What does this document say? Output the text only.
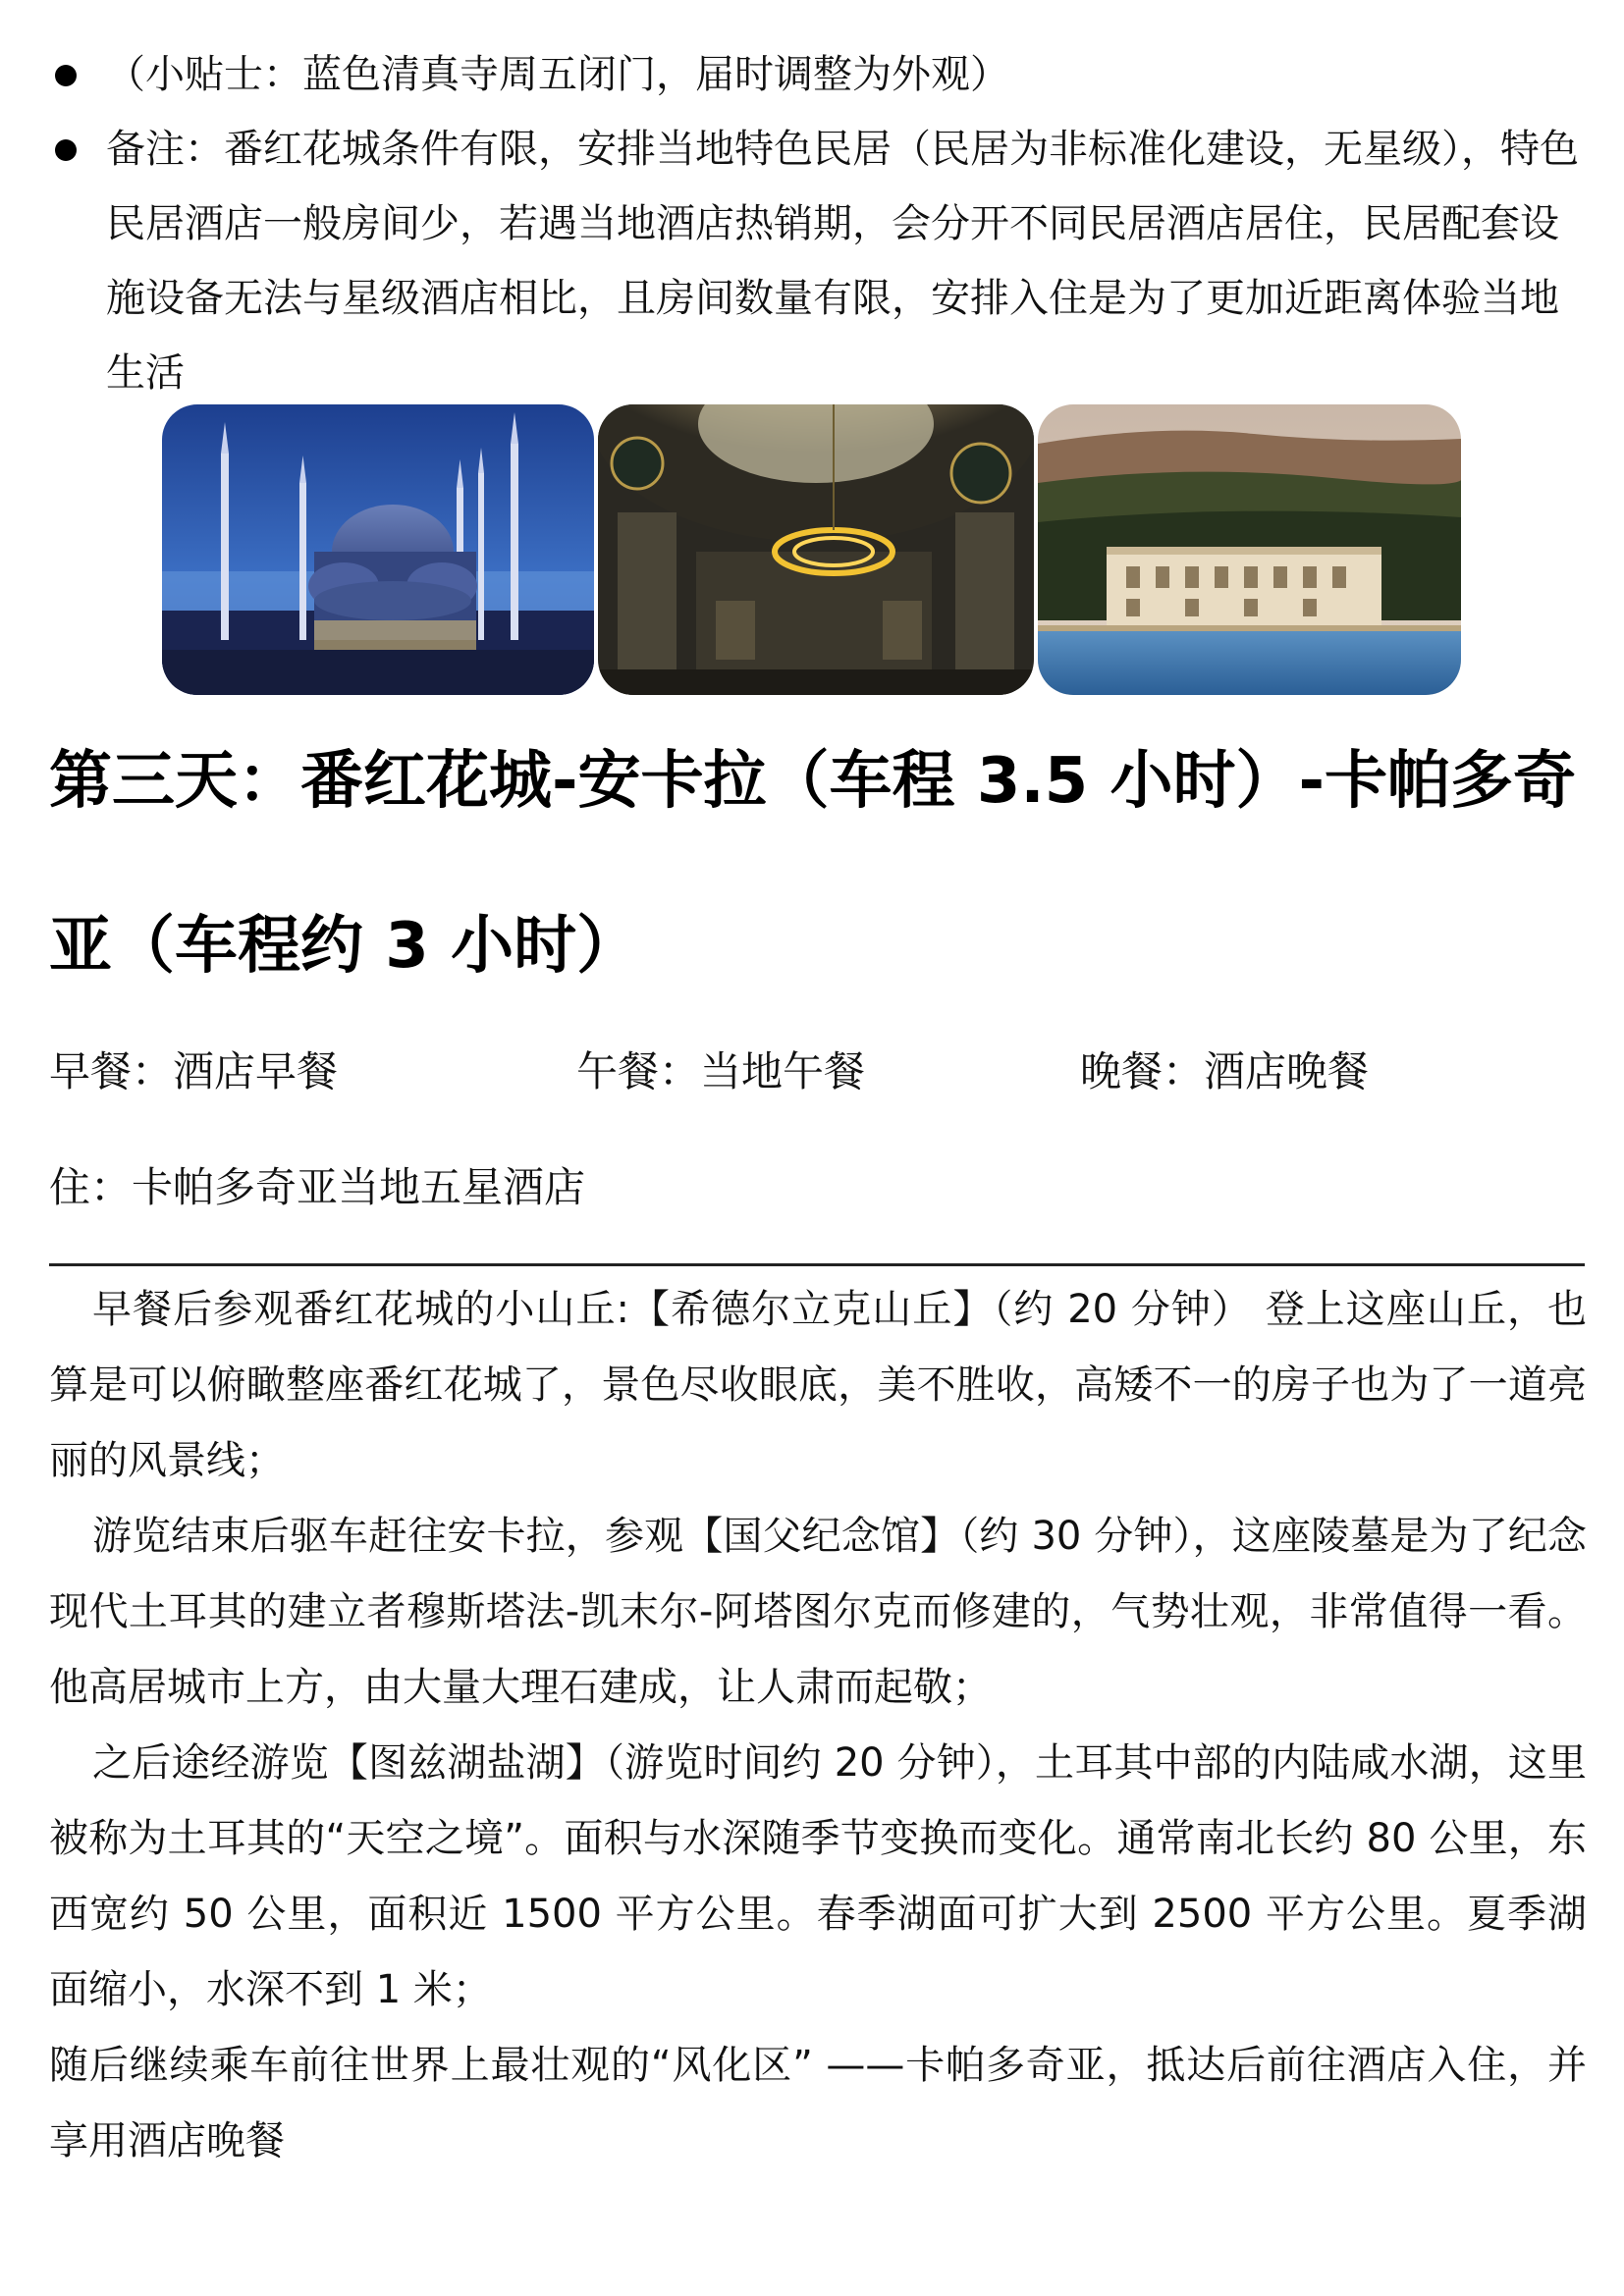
（小贴士：蓝色清真寺周五闭门，届时调整为外观）
备注：番红花城条件有限，安排当地特色民居（民居为非标准化建设，无星级），特色民居酒店一般房间少，若遇当地酒店热销期，会分开不同民居酒店居住，民居配套设施设备无法与星级酒店相比，且房间数量有限，安排入住是为了更加近距离体验当地生活
第三天：番红花城-安卡拉（车程 3.5 小时）-卡帕多奇亚（车程约 3 小时）
早餐：酒店早餐	午餐：当地午餐	晚餐：酒店晚餐
住：卡帕多奇亚当地五星酒店

早餐后参观番红花城的小山丘:【希德尔立克山丘】（约 20 分钟） 登上这座山丘，也算是可以俯瞰整座番红花城了，景色尽收眼底，美不胜收，高矮不一的房子也为了一道亮丽的风景线；

游览结束后驱车赶往安卡拉，参观【国父纪念馆】（约 30 分钟），这座陵墓是为了纪念现代土耳其的建立者穆斯塔法-凯末尔-阿塔图尔克而修建的，气势壮观，非常值得一看。他高居城市上方，由大量大理石建成，让人肃而起敬；

之后途经游览【图兹湖盐湖】（游览时间约 20 分钟），土耳其中部的内陆咸水湖，这里被称为土耳其的“天空之境”。面积与水深随季节变换而变化。通常南北长约 80 公里，东西宽约 50 公里，面积近 1500 平方公里。春季湖面可扩大到 2500 平方公里。夏季湖面缩小，水深不到 1 米；

随后继续乘车前往世界上最壮观的“风化区” ——卡帕多奇亚，抵达后前往酒店入住，并享用酒店晚餐
